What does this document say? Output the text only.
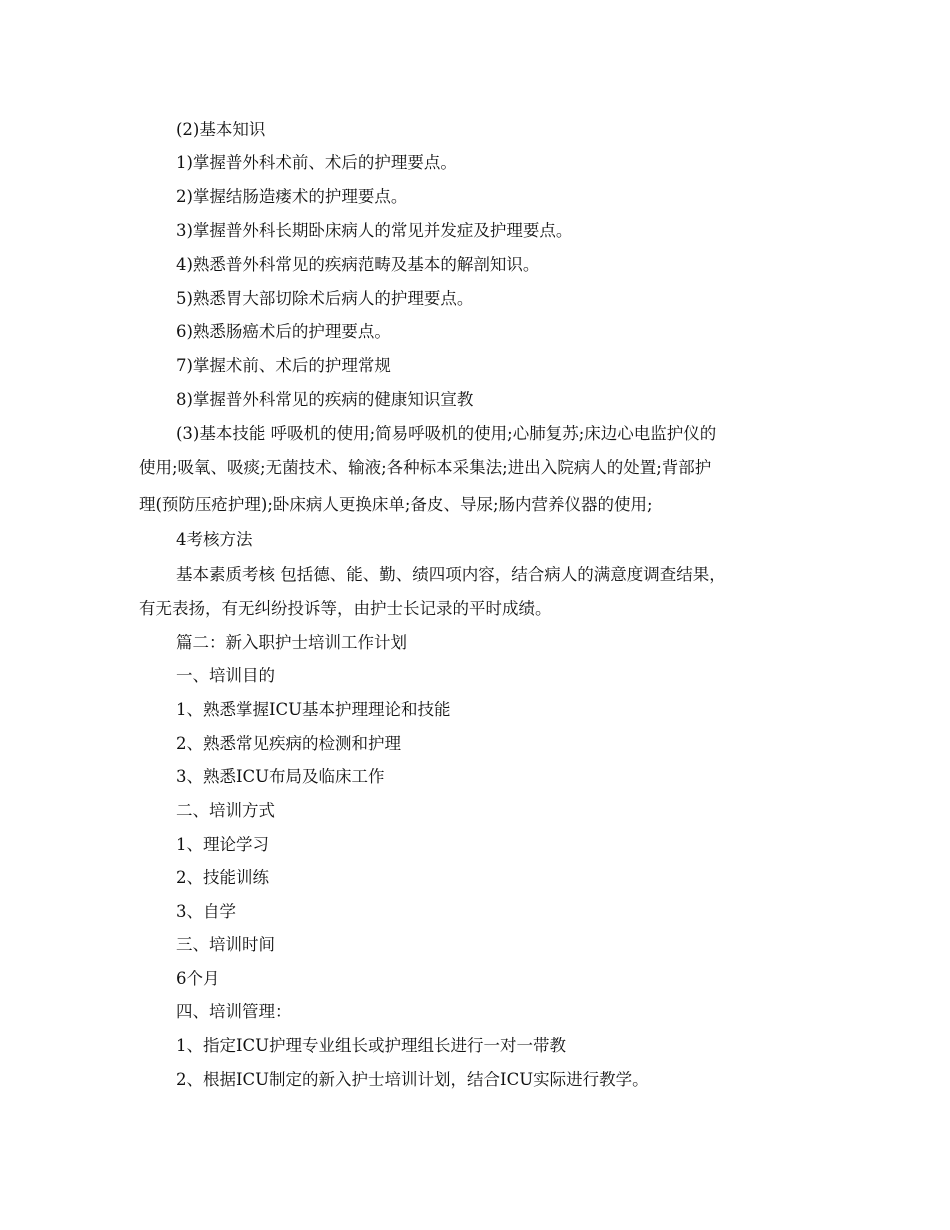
(2)基本知识
1)掌握普外科术前、术后的护理要点。
2)掌握结肠造瘘术的护理要点。
3)掌握普外科长期卧床病人的常见并发症及护理要点。
4)熟悉普外科常见的疾病范畴及基本的解剖知识。
5)熟悉胃大部切除术后病人的护理要点。
6)熟悉肠癌术后的护理要点。
7)掌握术前、术后的护理常规
8)掌握普外科常见的疾病的健康知识宣教
(3)基本技能 呼吸机的使用;简易呼吸机的使用;心肺复苏;床边心电监护仪的
使用;吸氧、吸痰;无菌技术、输液;各种标本采集法;进出入院病人的处置;背部护
理(预防压疮护理);卧床病人更换床单;备皮、导尿;肠内营养仪器的使用;
4考核方法
基本素质考核 包括德、能、勤、绩四项内容，结合病人的满意度调查结果，
有无表扬，有无纠纷投诉等，由护士长记录的平时成绩。
篇二：新入职护士培训工作计划
一、培训目的
1、熟悉掌握ICU基本护理理论和技能
2、熟悉常见疾病的检测和护理
3、熟悉ICU布局及临床工作
二、培训方式
1、理论学习
2、技能训练
3、自学
三、培训时间
6个月
四、培训管理：
1、指定ICU护理专业组长或护理组长进行一对一带教
2、根据ICU制定的新入护士培训计划，结合ICU实际进行教学。
